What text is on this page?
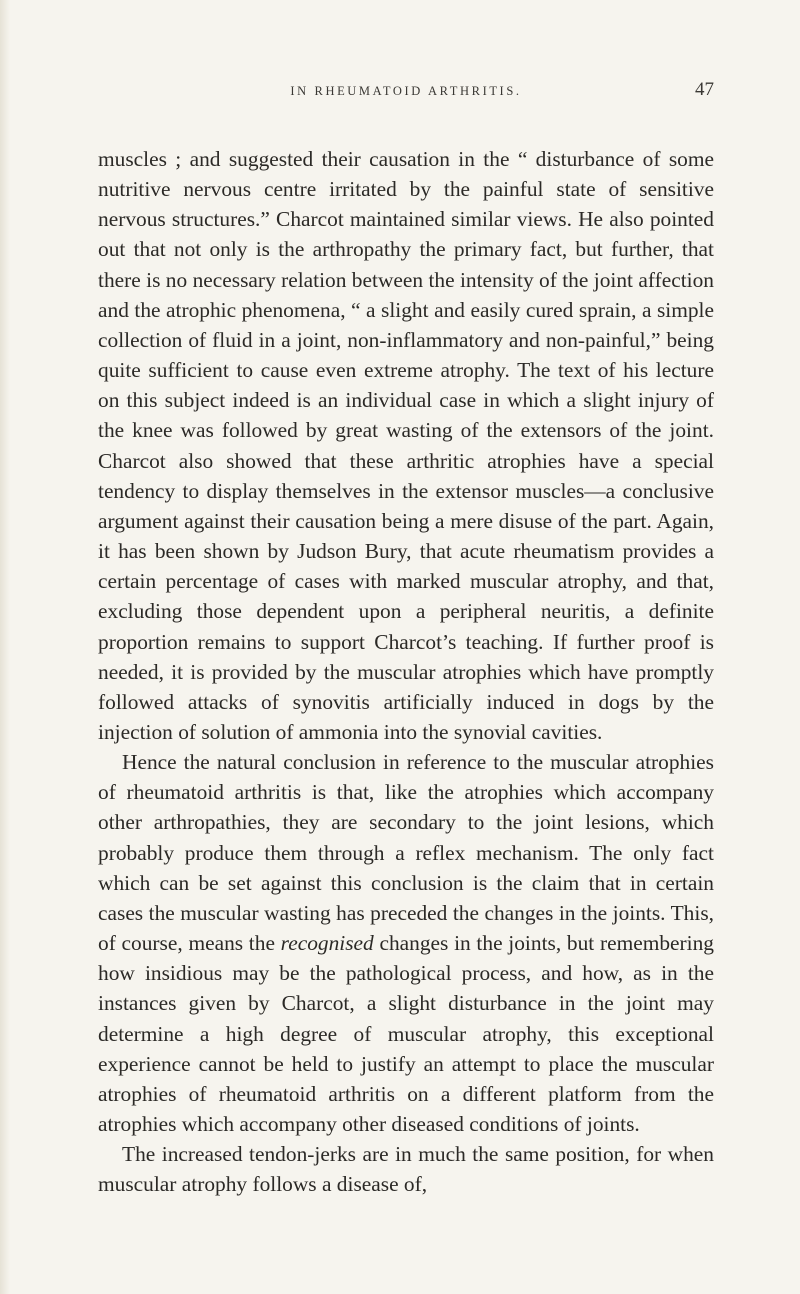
IN RHEUMATOID ARTHRITIS.	47

muscles ; and suggested their causation in the “ disturbance of some nutritive nervous centre irritated by the painful state of sensitive nervous structures.” Charcot maintained similar views. He also pointed out that not only is the arthropathy the primary fact, but further, that there is no necessary relation between the intensity of the joint affection and the atrophic phenomena, “ a slight and easily cured sprain, a simple collection of fluid in a joint, non-inflammatory and non-painful,” being quite sufficient to cause even extreme atrophy. The text of his lecture on this subject indeed is an individual case in which a slight injury of the knee was followed by great wasting of the extensors of the joint. Charcot also showed that these arthritic atrophies have a special tendency to display themselves in the extensor muscles—a conclusive argument against their causation being a mere disuse of the part. Again, it has been shown by Judson Bury, that acute rheumatism provides a certain percentage of cases with marked muscular atrophy, and that, excluding those dependent upon a peripheral neuritis, a definite proportion remains to support Charcot’s teaching. If further proof is needed, it is provided by the muscular atrophies which have promptly followed attacks of synovitis artificially induced in dogs by the injection of solution of ammonia into the synovial cavities.

Hence the natural conclusion in reference to the muscular atrophies of rheumatoid arthritis is that, like the atrophies which accompany other arthropathies, they are secondary to the joint lesions, which probably produce them through a reflex mechanism. The only fact which can be set against this conclusion is the claim that in certain cases the muscular wasting has preceded the changes in the joints. This, of course, means the recognised changes in the joints, but remembering how insidious may be the pathological process, and how, as in the instances given by Charcot, a slight disturbance in the joint may determine a high degree of muscular atrophy, this exceptional experience cannot be held to justify an attempt to place the muscular atrophies of rheumatoid arthritis on a different platform from the atrophies which accompany other diseased conditions of joints.

The increased tendon-jerks are in much the same position, for when muscular atrophy follows a disease of,
